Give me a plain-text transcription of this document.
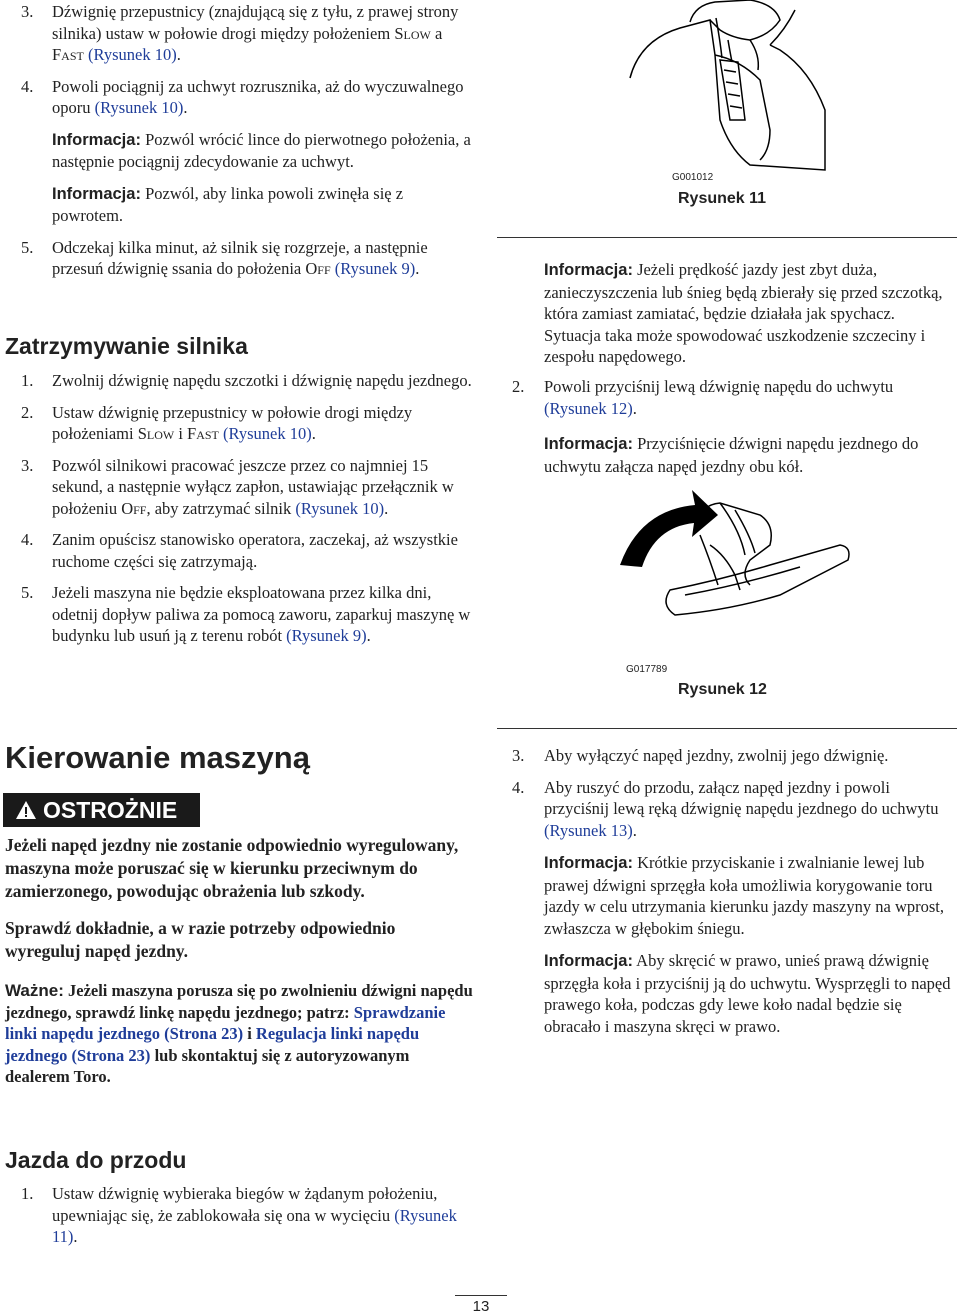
3. Dźwignię przepustnicy (znajdującą się z tyłu, z prawej strony silnika) ustaw w połowie drogi między położeniem Slow a Fast (Rysunek 10).

4. Powoli pociągnij za uchwyt rozrusznika, aż do wyczuwalnego oporu (Rysunek 10).

Informacja: Pozwól wrócić lince do pierwotnego położenia, a następnie pociągnij zdecydowanie za uchwyt.

Informacja: Pozwól, aby linka powoli zwinęła się z powrotem.

5. Odczekaj kilka minut, aż silnik się rozgrzeje, a następnie przesuń dźwignię ssania do położenia Off (Rysunek 9).

Zatrzymywanie silnika

1. Zwolnij dźwignię napędu szczotki i dźwignię napędu jezdnego.

2. Ustaw dźwignię przepustnicy w połowie drogi między położeniami Slow i Fast (Rysunek 10).

3. Pozwól silnikowi pracować jeszcze przez co najmniej 15 sekund, a następnie wyłącz zapłon, ustawiając przełącznik w położeniu Off, aby zatrzymać silnik (Rysunek 10).

4. Zanim opuścisz stanowisko operatora, zaczekaj, aż wszystkie ruchome części się zatrzymają.

5. Jeżeli maszyna nie będzie eksploatowana przez kilka dni, odetnij dopływ paliwa za pomocą zaworu, zaparkuj maszynę w budynku lub usuń ją z terenu robót (Rysunek 9).

G001012
Rysunek 11

Informacja: Jeżeli prędkość jazdy jest zbyt duża, zanieczyszczenia lub śnieg będą zbierały się przed szczotką, która zamiast zamiatać, będzie działała jak spychacz. Sytuacja taka może spowodować uszkodzenie szczeciny i zespołu napędowego.

2. Powoli przyciśnij lewą dźwignię napędu do uchwytu (Rysunek 12).

Informacja: Przyciśnięcie dźwigni napędu jezdnego do uchwytu załącza napęd jezdny obu kół.

G017789
Rysunek 12
Kierowanie maszyną
OSTROŻNIE

Jeżeli napęd jezdny nie zostanie odpowiednio wyregulowany, maszyna może poruszać się w kierunku przeciwnym do zamierzonego, powodując obrażenia lub szkody.

Sprawdź dokładnie, a w razie potrzeby odpowiednio wyreguluj napęd jezdny.

Ważne: Jeżeli maszyna porusza się po zwolnieniu dźwigni napędu jezdnego, sprawdź linkę napędu jezdnego; patrz: Sprawdzanie linki napędu jezdnego (Strona 23) i Regulacja linki napędu jezdnego (Strona 23) lub skontaktuj się z autoryzowanym dealerem Toro.

Jazda do przodu

1. Ustaw dźwignię wybieraka biegów w żądanym położeniu, upewniając się, że zablokowała się ona w wycięciu (Rysunek 11).

3. Aby wyłączyć napęd jezdny, zwolnij jego dźwignię.

4. Aby ruszyć do przodu, załącz napęd jezdny i powoli przyciśnij lewą ręką dźwignię napędu jezdnego do uchwytu (Rysunek 13).

Informacja: Krótkie przyciskanie i zwalnianie lewej lub prawej dźwigni sprzęgła koła umożliwia korygowanie toru jazdy w celu utrzymania kierunku jazdy maszyny na wprost, zwłaszcza w głębokim śniegu.

Informacja: Aby skręcić w prawo, unieś prawą dźwignię sprzęgła koła i przyciśnij ją do uchwytu. Wysprzęgli to napęd prawego koła, podczas gdy lewe koło nadal będzie się obracało i maszyna skręci w prawo.

13
